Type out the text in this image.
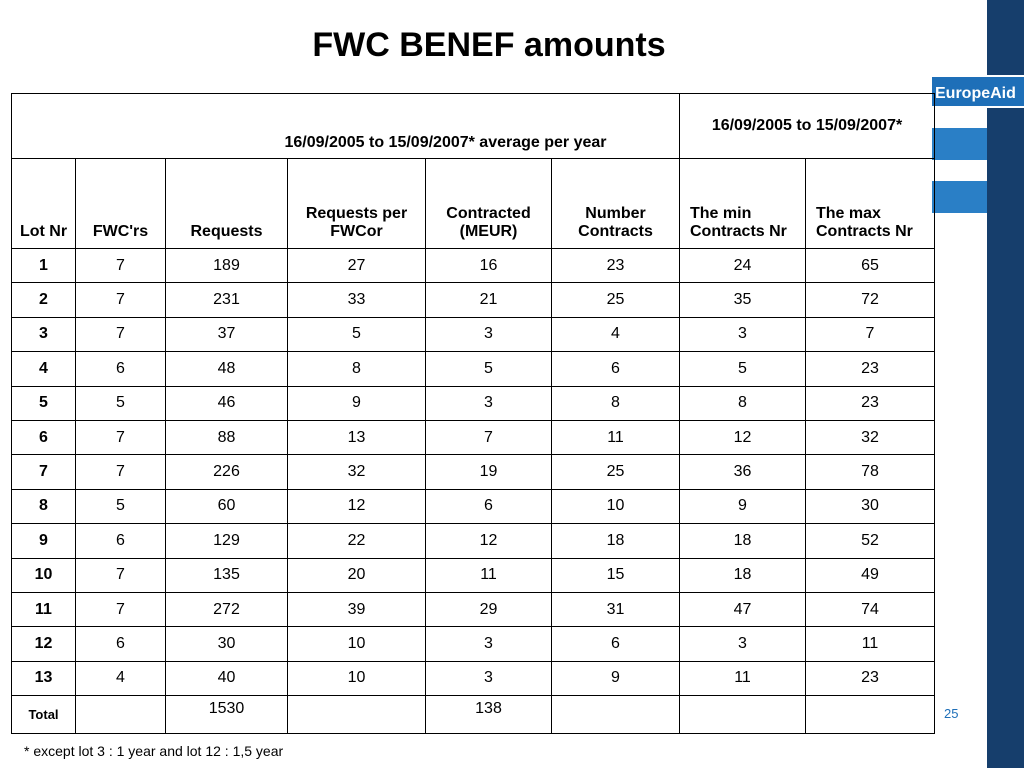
FWC BENEF amounts
EuropeAid
16/09/2005 to 15/09/2007* average per year						16/09/2005 to 15/09/2007*	
Lot Nr	FWC'rs	Requests	Requests per FWCor	Contracted (MEUR)	Number Contracts	The min Contracts Nr	The max Contracts Nr
1	7	189	27	16	23	24	65
2	7	231	33	21	25	35	72
3	7	37	5	3	4	3	7
4	6	48	8	5	6	5	23
5	5	46	9	3	8	8	23
6	7	88	13	7	11	12	32
7	7	226	32	19	25	36	78
8	5	60	12	6	10	9	30
9	6	129	22	12	18	18	52
10	7	135	20	11	15	18	49
11	7	272	39	29	31	47	74
12	6	30	10	3	6	3	11
13	4	40	10	3	9	11	23
Total		1530		138				25
* except lot 3 : 1 year and lot 12 : 1,5 year
